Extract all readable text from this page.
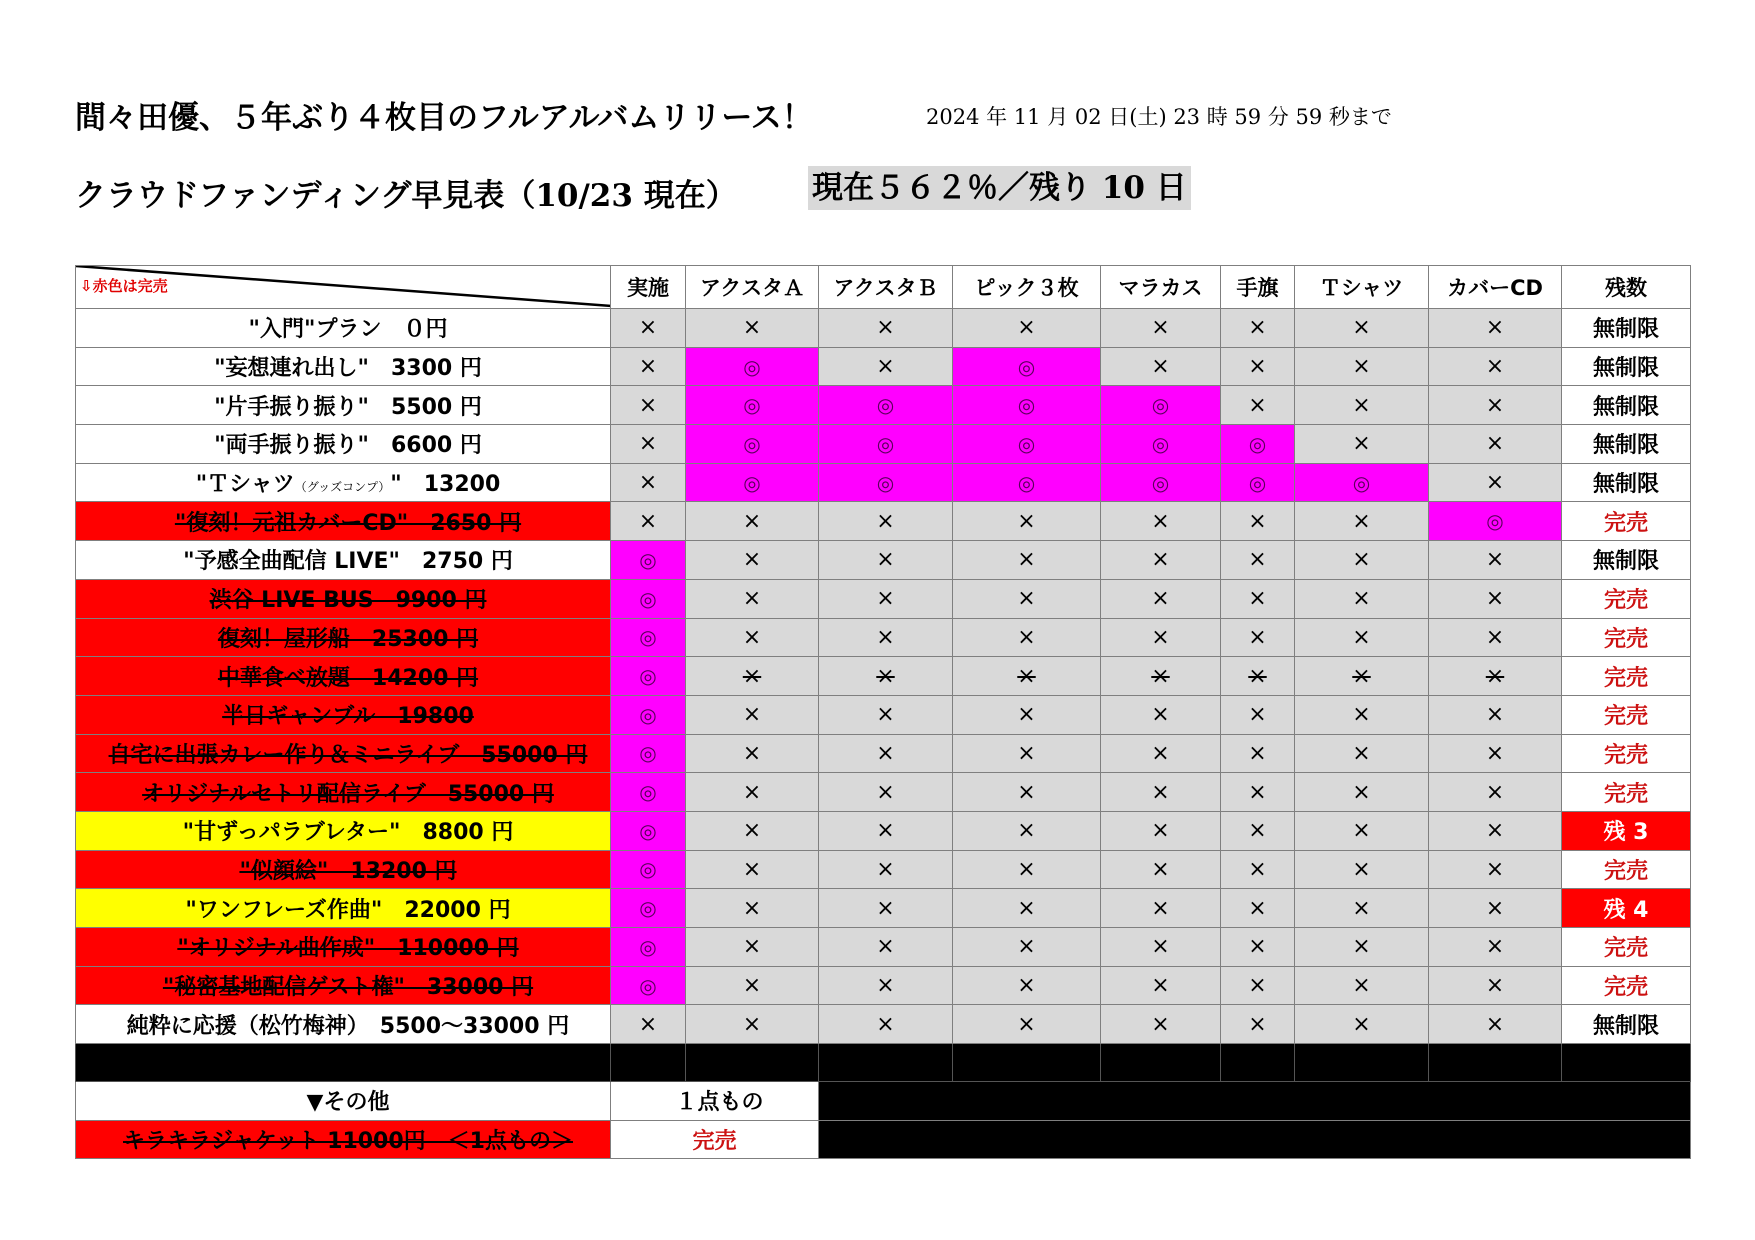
間々田優、５年ぶり４枚目のフルアルバムリリース！	2024 年 11 月 02 日(土) 23 時 59 分 59 秒まで
クラウドファンディング早見表（10/23 現在） 現在５６２％／残り 10 日
⇩赤色は完売	実施	アクスタＡ	アクスタＢ	ピック３枚	マラカス	手旗	Ｔシャツ	カバーCD	残数
"入門"プラン　０円	×	×	×	×	×	×	×	×	無制限
"妄想連れ出し"　3300 円	×	◎	×	◎	×	×	×	×	無制限
"片手振り振り"　5500 円	×	◎	◎	◎	◎	×	×	×	無制限
"両手振り振り"　6600 円	×	◎	◎	◎	◎	◎	×	×	無制限
"Ｔシャツ（グッズコンプ）"　13200	×	◎	◎	◎	◎	◎	◎	×	無制限
"復刻！元祖カバーCD"　2650 円	×	×	×	×	×	×	×	◎	完売
"予感全曲配信 LIVE"　2750 円	◎	×	×	×	×	×	×	×	無制限
渋谷 LIVE BUS　9900 円	◎	×	×	×	×	×	×	×	完売
復刻！屋形船　25300 円	◎	×	×	×	×	×	×	×	完売
中華食べ放題　14200 円	◎	×	×	×	×	×	×	×	完売
半日ギャンブル　19800	◎	×	×	×	×	×	×	×	完売
自宅に出張カレー作り＆ミニライブ　55000 円	◎	×	×	×	×	×	×	×	完売
オリジナルセトリ配信ライブ　55000 円	◎	×	×	×	×	×	×	×	完売
"甘ずっパラブレター"　8800 円	◎	×	×	×	×	×	×	×	残 3
"似顔絵"　13200 円	◎	×	×	×	×	×	×	×	完売
"ワンフレーズ作曲"　22000 円	◎	×	×	×	×	×	×	×	残 4
"オリジナル曲作成"　110000 円	◎	×	×	×	×	×	×	×	完売
"秘密基地配信ゲスト権"　33000 円	◎	×	×	×	×	×	×	×	完売
純粋に応援（松竹梅神）　5500～33000 円	×	×	×	×	×	×	×	×	無制限

▼その他	１点もの								
キラキラジャケット 11000円　＜1点もの＞	完売								
